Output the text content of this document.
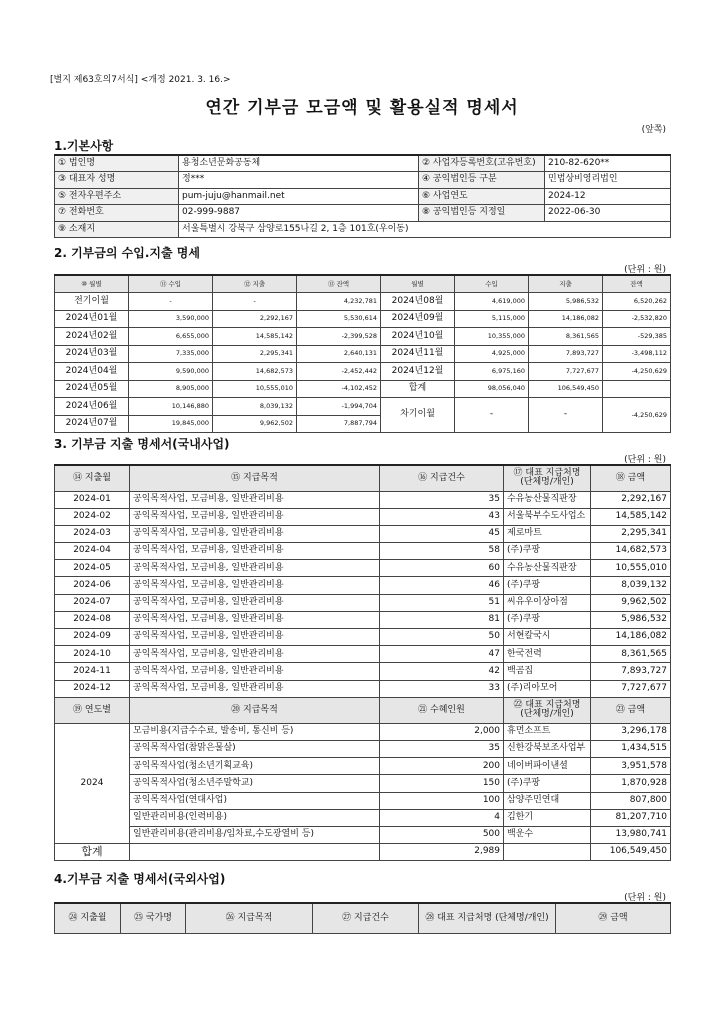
[별지 제63호의7서식] <개정 2021. 3. 16.>
연간 기부금 모금액 및 활용실적 명세서
(앞쪽)
1.기본사항
① 법인명	용청소년문화공동체	② 사업자등록번호(고유번호)	210-82-620**
③ 대표자 성명	정***	④ 공익법인등 구분	민법상비영리법인
⑤ 전자우편주소	pum-juju@hanmail.net	⑥ 사업연도	2024-12
⑦ 전화번호	02-999-9887	⑧ 공익법인등 지정일	2022-06-30
⑨ 소재지	서울특별시 강북구 삼양로155나길 2, 1층 101호(우이동)		
2. 기부금의 수입.지출 명세
(단위 : 원)
⑩ 월별	⑪ 수입	⑫ 지출	⑬ 잔액	월별	수입	지출	잔액
전기이월	-	-	4,232,781	2024년08월	4,619,000	5,986,532	6,520,262
2024년01월	3,590,000	2,292,167	5,530,614	2024년09월	5,115,000	14,186,082	-2,532,820
2024년02월	6,655,000	14,585,142	-2,399,528	2024년10월	10,355,000	8,361,565	-529,385
2024년03월	7,335,000	2,295,341	2,640,131	2024년11월	4,925,000	7,893,727	-3,498,112
2024년04월	9,590,000	14,682,573	-2,452,442	2024년12월	6,975,160	7,727,677	-4,250,629
2024년05월	8,905,000	10,555,010	-4,102,452	합계	98,056,040	106,549,450	
2024년06월	10,146,880	8,039,132	-1,994,704	차기이월	-	-	-4,250,629
2024년07월	19,845,000	9,962,502	7,887,794				
3. 기부금 지출 명세서(국내사업)
(단위 : 원)
⑭ 지출월	⑮ 지급목적	⑯ 지급건수	⑰ 대표 지급처명 (단체명/개인)	⑱ 금액
2024-01	공익목적사업, 모금비용, 일반관리비용	35	수유농산물직판장	2,292,167
2024-02	공익목적사업, 모금비용, 일반관리비용	43	서울북부수도사업소	14,585,142
2024-03	공익목적사업, 모금비용, 일반관리비용	45	제로마트	2,295,341
2024-04	공익목적사업, 모금비용, 일반관리비용	58	(주)쿠팡	14,682,573
2024-05	공익목적사업, 모금비용, 일반관리비용	60	수유농산물직판장	10,555,010
2024-06	공익목적사업, 모금비용, 일반관리비용	46	(주)쿠팡	8,039,132
2024-07	공익목적사업, 모금비용, 일반관리비용	51	씨유우이상아점	9,962,502
2024-08	공익목적사업, 모금비용, 일반관리비용	81	(주)쿠팡	5,986,532
2024-09	공익목적사업, 모금비용, 일반관리비용	50	서현칼국시	14,186,082
2024-10	공익목적사업, 모금비용, 일반관리비용	47	한국전력	8,361,565
2024-11	공익목적사업, 모금비용, 일반관리비용	42	백곰집	7,893,727
2024-12	공익목적사업, 모금비용, 일반관리비용	33	(주)리아모어	7,727,677
⑲ 연도별	⑳ 지급목적	㉑ 수혜인원	㉒ 대표 지급처명 (단체명/개인)	㉓ 금액
2024	모금비용(지급수수료, 발송비, 통신비 등)	2,000	휴먼소프트	3,296,178
	공익목적사업(참맑은물살)	35	신한강북보조사업부	1,434,515
	공익목적사업(청소년기획교육)	200	네이버파이낸셜	3,951,578
	공익목적사업(청소년주말학교)	150	(주)쿠팡	1,870,928
	공익목적사업(연대사업)	100	삼양주민연대	807,800
	일반관리비용(인력비용)	4	김한기	81,207,710
	일반관리비용(관리비용/임차료,수도광열비 등)	500	백운수	13,980,741
합계		2,989		106,549,450
4.기부금 지출 명세서(국외사업)
(단위 : 원)
㉔ 지출월	㉕ 국가명	㉖ 지급목적	㉗ 지급건수	㉘ 대표 지급처명 (단체명/개인)	㉙ 금액
